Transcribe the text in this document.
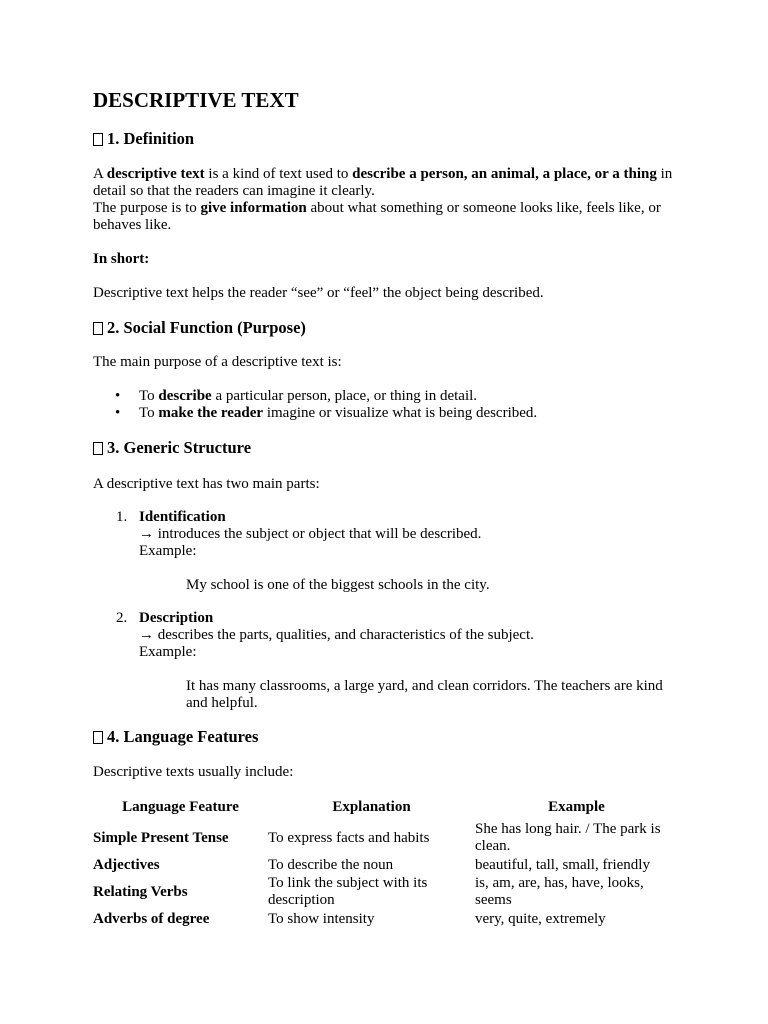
DESCRIPTIVE TEXT
1. Definition

A descriptive text is a kind of text used to describe a person, an animal, a place, or a thing in detail so that the readers can imagine it clearly.
The purpose is to give information about what something or someone looks like, feels like, or behaves like.

In short:

Descriptive text helps the reader “see” or “feel” the object being described.

2. Social Function (Purpose)

The main purpose of a descriptive text is:

• To describe a particular person, place, or thing in detail.
• To make the reader imagine or visualize what is being described.
3. Generic Structure

A descriptive text has two main parts:

1. Identification
→ introduces the subject or object that will be described.
Example:
My school is one of the biggest schools in the city.
2. Description
→ describes the parts, qualities, and characteristics of the subject.
Example:
It has many classrooms, a large yard, and clean corridors. The teachers are kind and helpful.
4. Language Features

Descriptive texts usually include:

Language Feature	Explanation	Example
Simple Present Tense	To express facts and habits	She has long hair. / The park is clean.
Adjectives	To describe the noun	beautiful, tall, small, friendly
Relating Verbs	To link the subject with its description	is, am, are, has, have, looks, seems
Adverbs of degree	To show intensity	very, quite, extremely
